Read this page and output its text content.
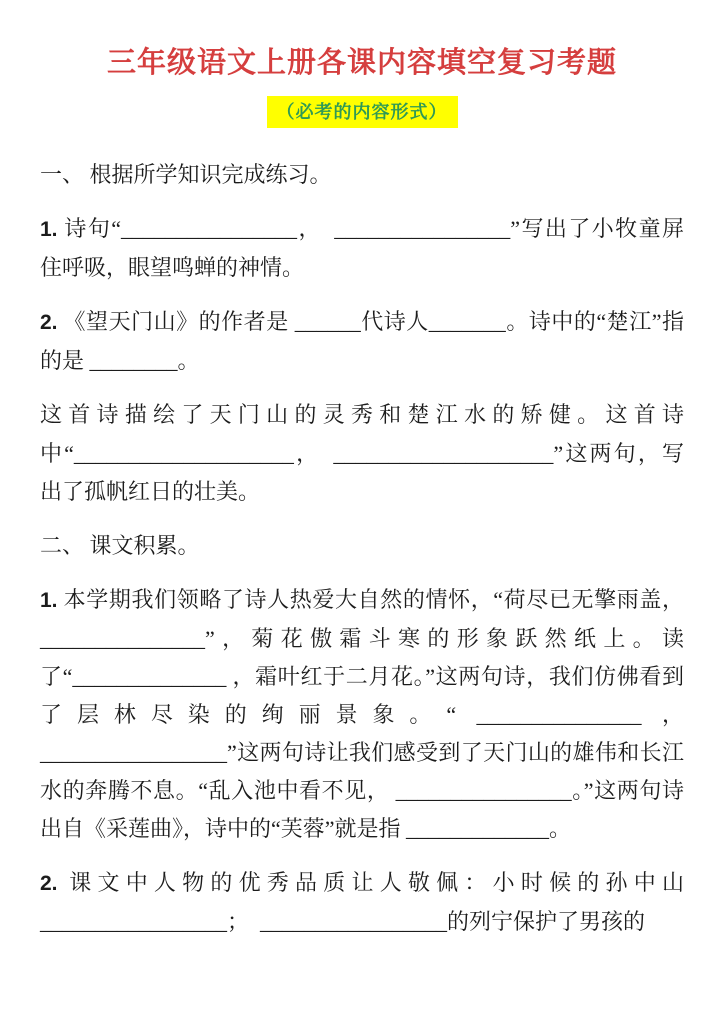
三年级语文上册各课内容填空复习考题
（必考的内容形式）

一、 根据所学知识完成练习。

1. 诗句“________________，　________________”写出了小牧童屏住呼吸，眼望鸣蝉的神情。

2. 《望天门山》的作者是 ______代诗人_______。诗中的“楚江”指的是 ________。

这首诗描绘了天门山的灵秀和楚江水的矫健。这首诗中“____________________，　____________________”这两句，写出了孤帆红日的壮美。

二、 课文积累。

1. 本学期我们领略了诗人热爱大自然的情怀，“荷尽已无擎雨盖，_______________”，菊花傲霜斗寒的形象跃然纸上。读了“______________ ，霜叶红于二月花。”这两句诗，我们仿佛看到了层林尽染的绚丽景象。“ _______________ ，_________________”这两句诗让我们感受到了天门山的雄伟和长江水的奔腾不息。“乱入池中看不见， ________________。”这两句诗出自《采莲曲》，诗中的“芙蓉”就是指 _____________。

2. 课文中人物的优秀品质让人敬佩：小时候的孙中山_________________；　_________________的列宁保护了男孩的
